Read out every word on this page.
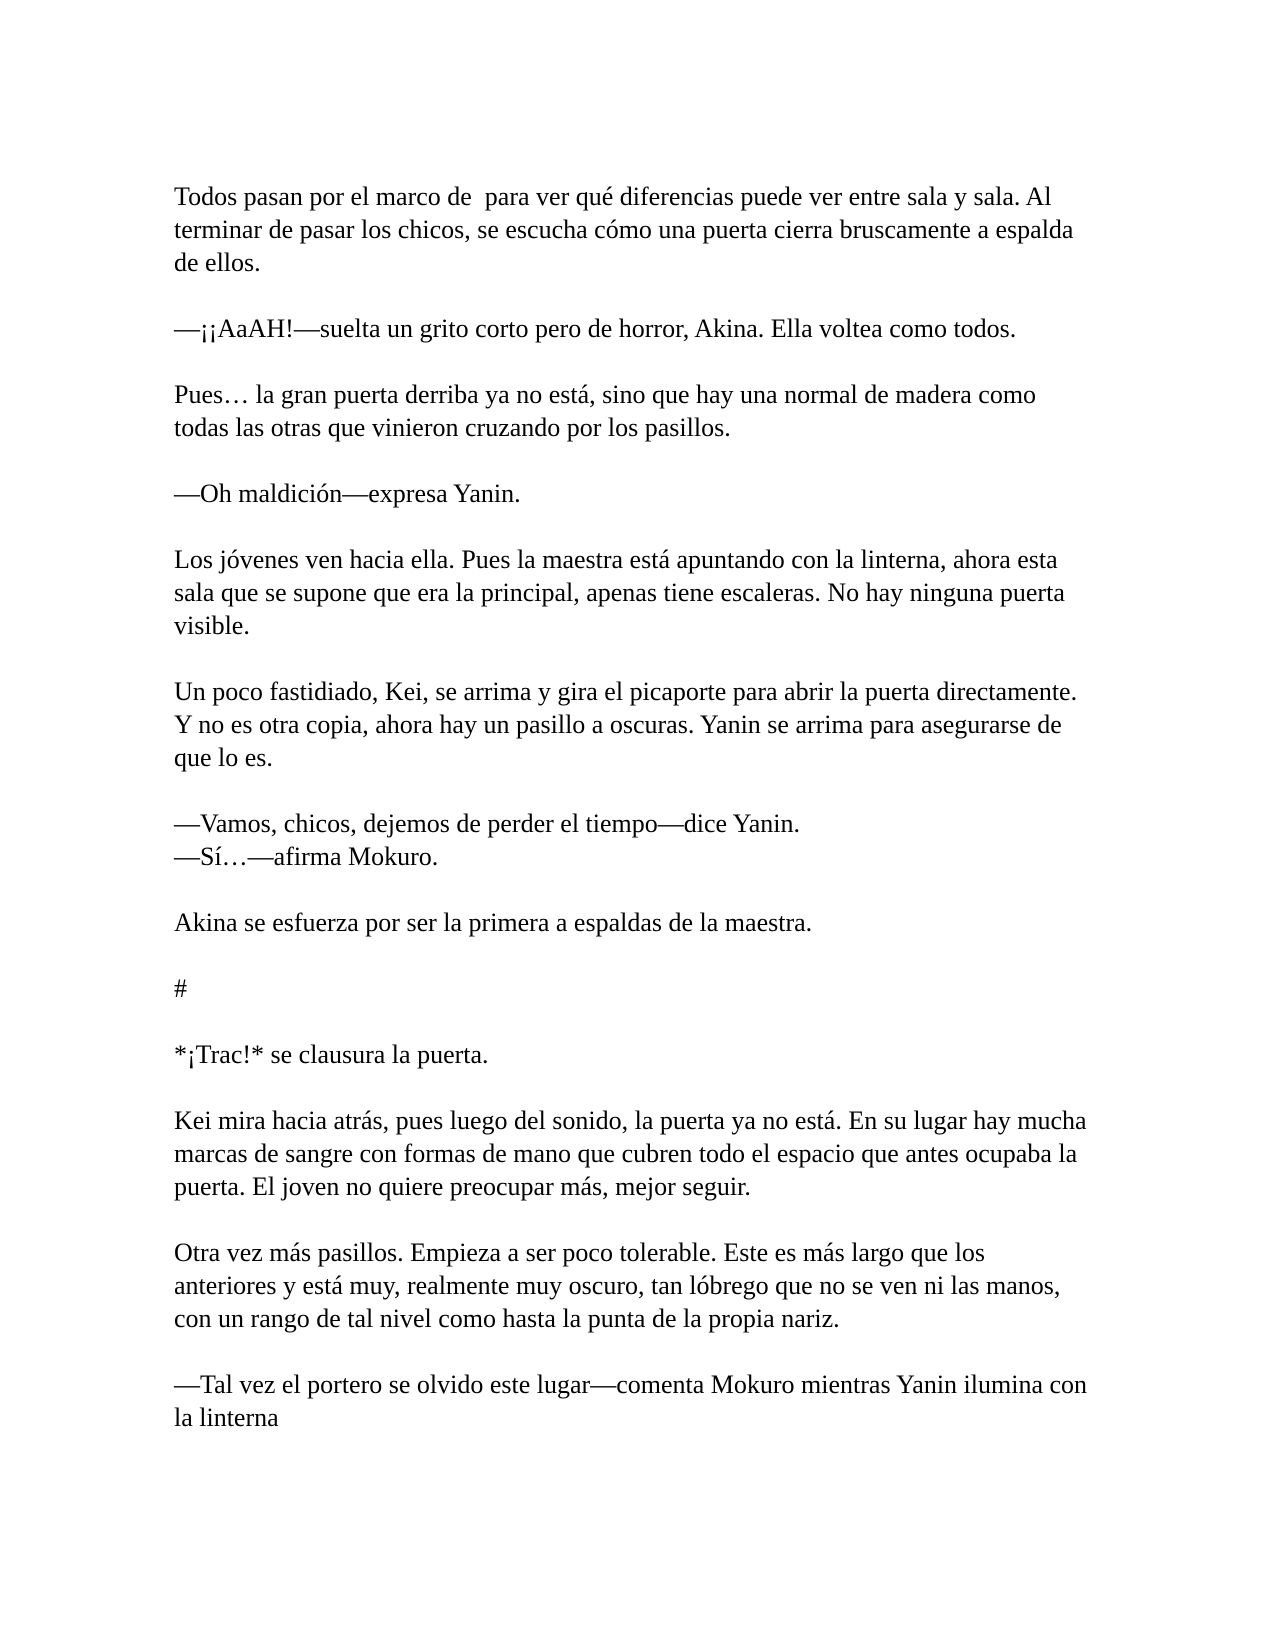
Todos pasan por el marco de  para ver qué diferencias puede ver entre sala y sala. Al terminar de pasar los chicos, se escucha cómo una puerta cierra bruscamente a espalda de ellos.

—¡¡AaAH!—suelta un grito corto pero de horror, Akina. Ella voltea como todos.

Pues… la gran puerta derriba ya no está, sino que hay una normal de madera como todas las otras que vinieron cruzando por los pasillos.

—Oh maldición—expresa Yanin.

Los jóvenes ven hacia ella. Pues la maestra está apuntando con la linterna, ahora esta sala que se supone que era la principal, apenas tiene escaleras. No hay ninguna puerta visible.

Un poco fastidiado, Kei, se arrima y gira el picaporte para abrir la puerta directamente. Y no es otra copia, ahora hay un pasillo a oscuras. Yanin se arrima para asegurarse de que lo es.

—Vamos, chicos, dejemos de perder el tiempo—dice Yanin.

—Sí…—afirma Mokuro.

Akina se esfuerza por ser la primera a espaldas de la maestra.

#

*¡Trac!* se clausura la puerta.

Kei mira hacia atrás, pues luego del sonido, la puerta ya no está. En su lugar hay mucha marcas de sangre con formas de mano que cubren todo el espacio que antes ocupaba la puerta. El joven no quiere preocupar más, mejor seguir.

Otra vez más pasillos. Empieza a ser poco tolerable. Este es más largo que los anteriores y está muy, realmente muy oscuro, tan lóbrego que no se ven ni las manos, con un rango de tal nivel como hasta la punta de la propia nariz.

—Tal vez el portero se olvido este lugar—comenta Mokuro mientras Yanin ilumina con la linterna
